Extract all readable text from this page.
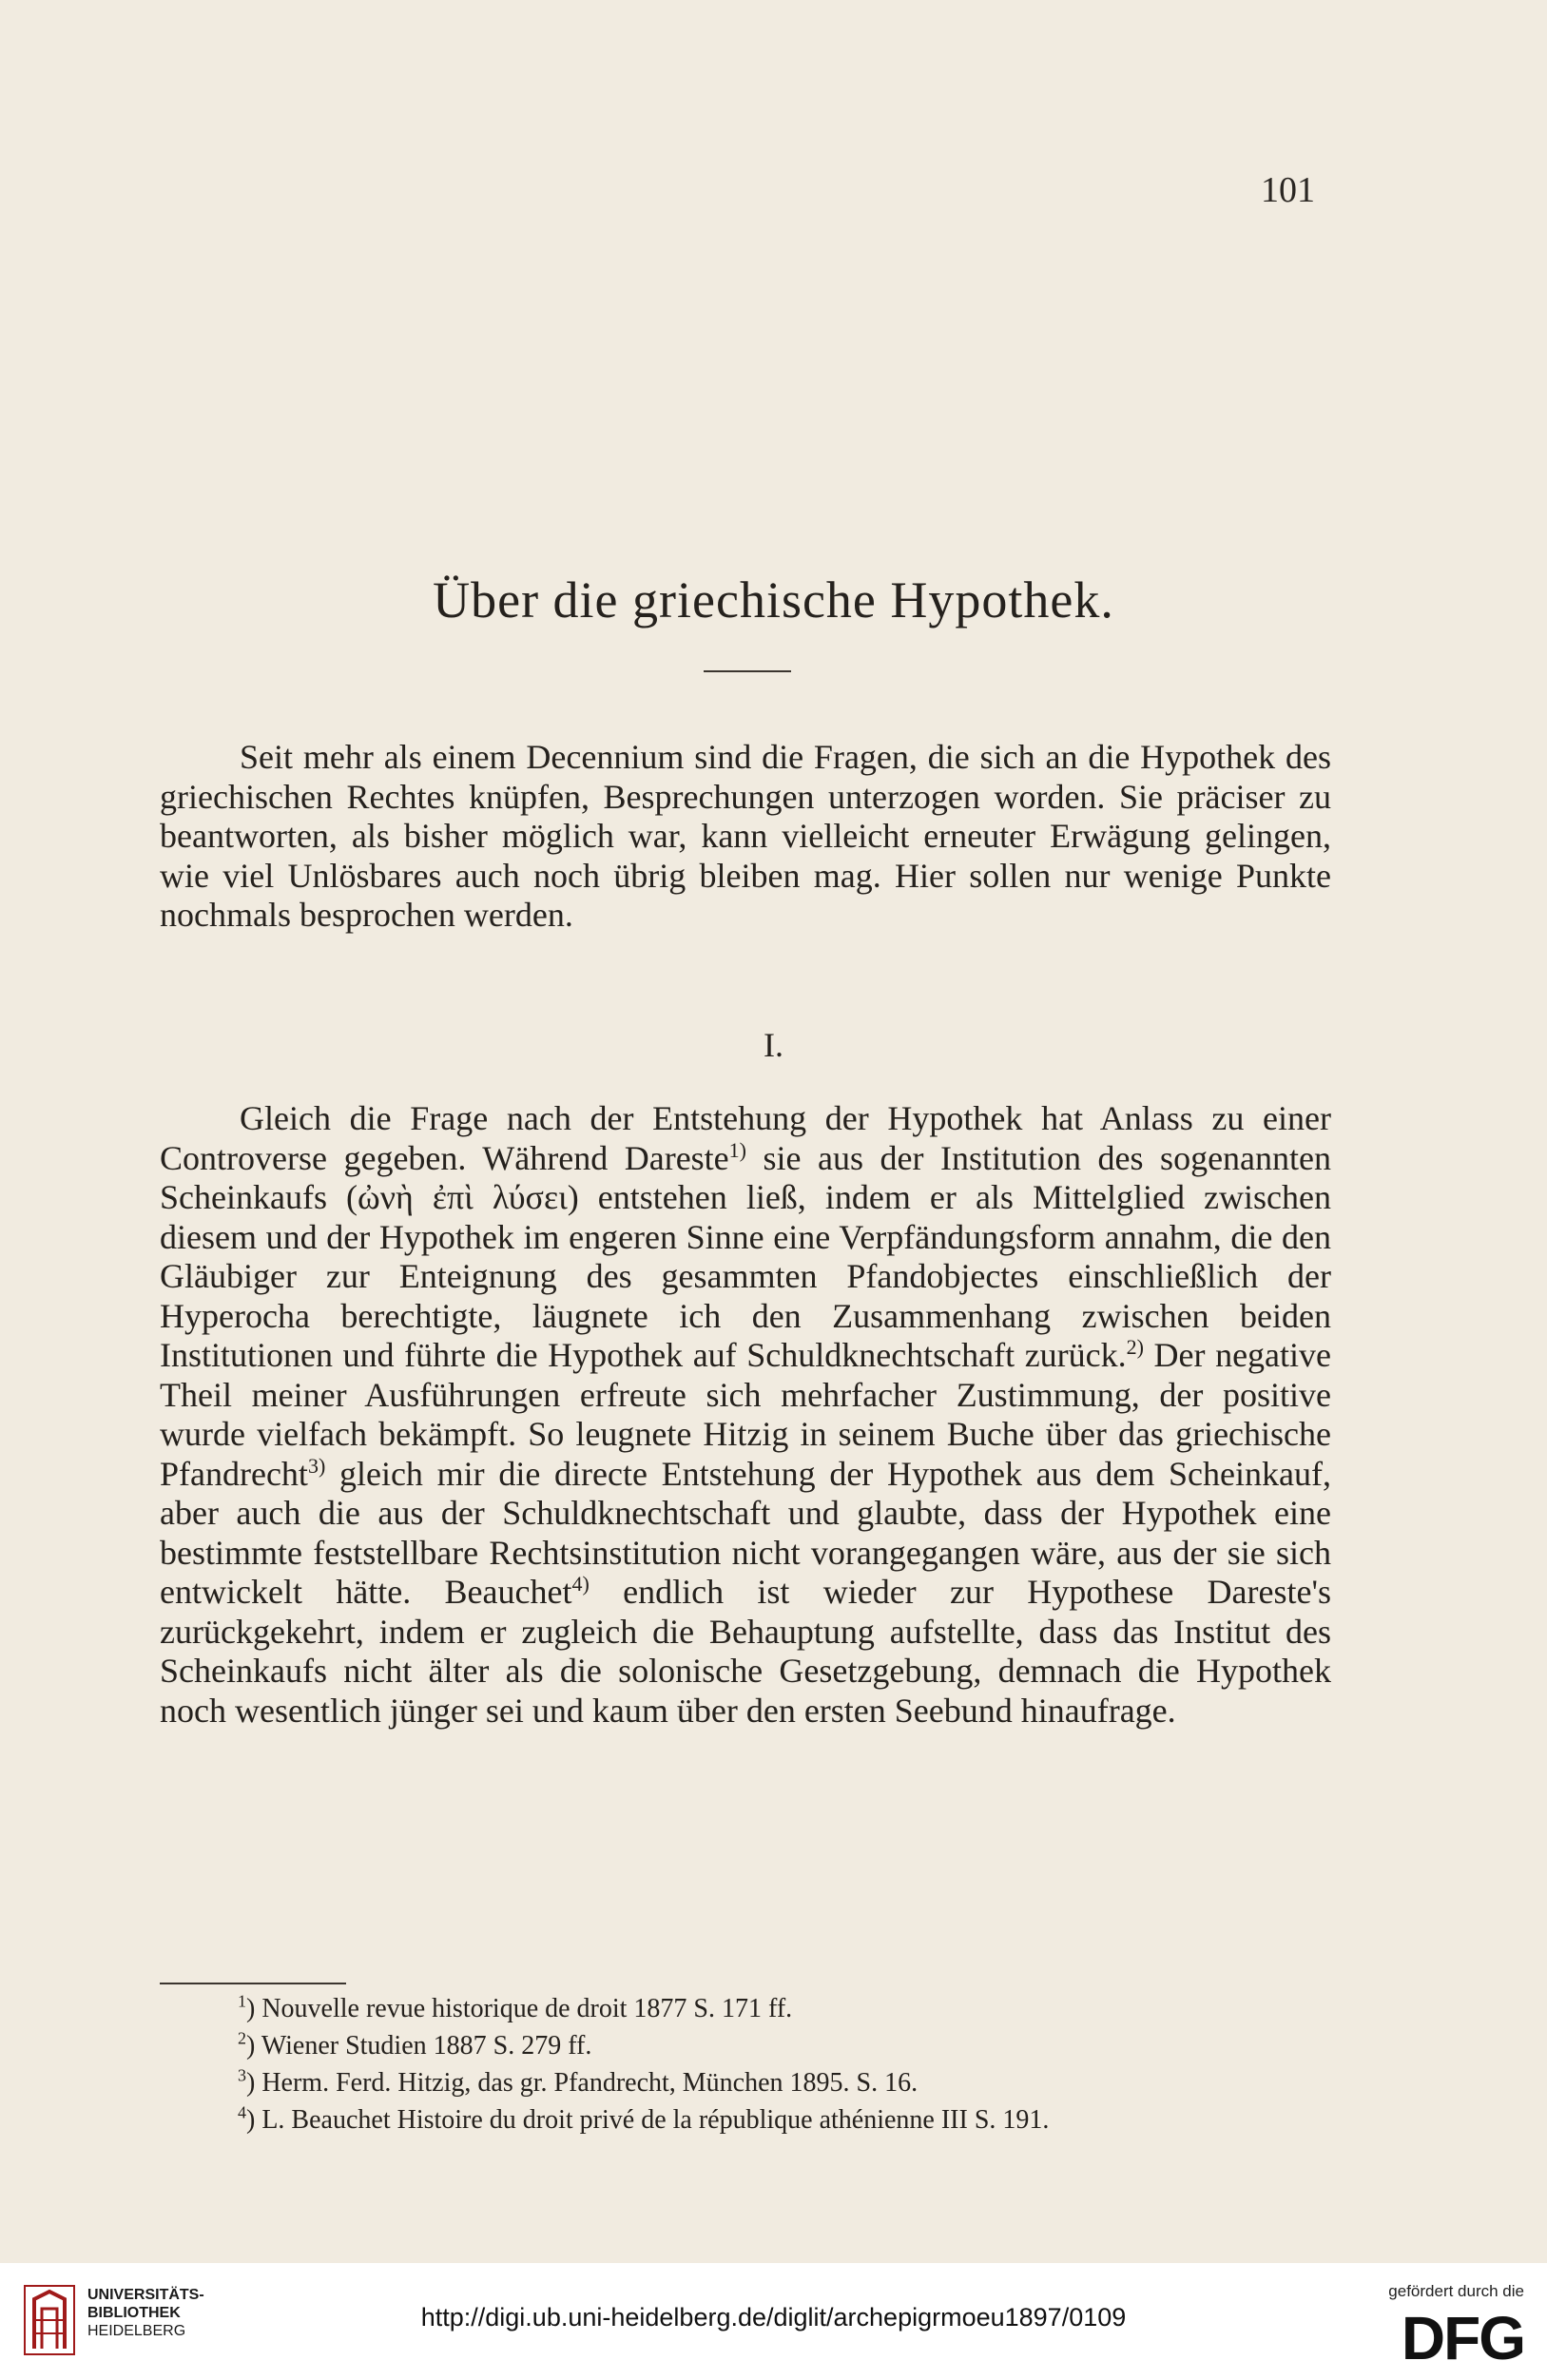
101
Über die griechische Hypothek.

Seit mehr als einem Decennium sind die Fragen, die sich an die Hypothek des griechischen Rechtes knüpfen, Besprechungen unterzogen worden. Sie präciser zu beantworten, als bisher möglich war, kann vielleicht erneuter Erwägung gelingen, wie viel Unlösbares auch noch übrig bleiben mag. Hier sollen nur wenige Punkte nochmals besprochen werden.

I.

Gleich die Frage nach der Entstehung der Hypothek hat Anlass zu einer Controverse gegeben. Während Dareste$^{1)}$ sie aus der Institution des sogenannten Scheinkaufs (ὠνὴ ἐπὶ λύσει) entstehen ließ, indem er als Mittelglied zwischen diesem und der Hypothek im engeren Sinne eine Verpfändungsform annahm, die den Gläubiger zur Enteignung des gesammten Pfandobjectes einschließlich der Hyperocha berechtigte, läugnete ich den Zusammenhang zwischen beiden Institutionen und führte die Hypothek auf Schuldknechtschaft zurück.$^{2)}$ Der negative Theil meiner Ausführungen erfreute sich mehrfacher Zustimmung, der positive wurde vielfach bekämpft. So leugnete Hitzig in seinem Buche über das griechische Pfandrecht$^{3)}$ gleich mir die directe Entstehung der Hypothek aus dem Scheinkauf, aber auch die aus der Schuldknechtschaft und glaubte, dass der Hypothek eine bestimmte feststellbare Rechtsinstitution nicht vorangegangen wäre, aus der sie sich entwickelt hätte. Beauchet$^{4)}$ endlich ist wieder zur Hypothese Dareste's zurückgekehrt, indem er zugleich die Behauptung aufstellte, dass das Institut des Scheinkaufs nicht älter als die solonische Gesetzgebung, demnach die Hypothek noch wesentlich jünger sei und kaum über den ersten Seebund hinaufrage.

$^1$) Nouvelle revue historique de droit 1877 S. 171 ff.
$^2$) Wiener Studien 1887 S. 279 ff.
$^3$) Herm. Ferd. Hitzig, das gr. Pfandrecht, München 1895. S. 16.
$^4$) L. Beauchet Histoire du droit privé de la république athénienne III S. 191.
UNIVERSITÄTS-
BIBLIOTHEK
HEIDELBERG	http://digi.ub.uni-heidelberg.de/diglit/archepigrmoeu1897/0109
gefördert durch die
DFG
